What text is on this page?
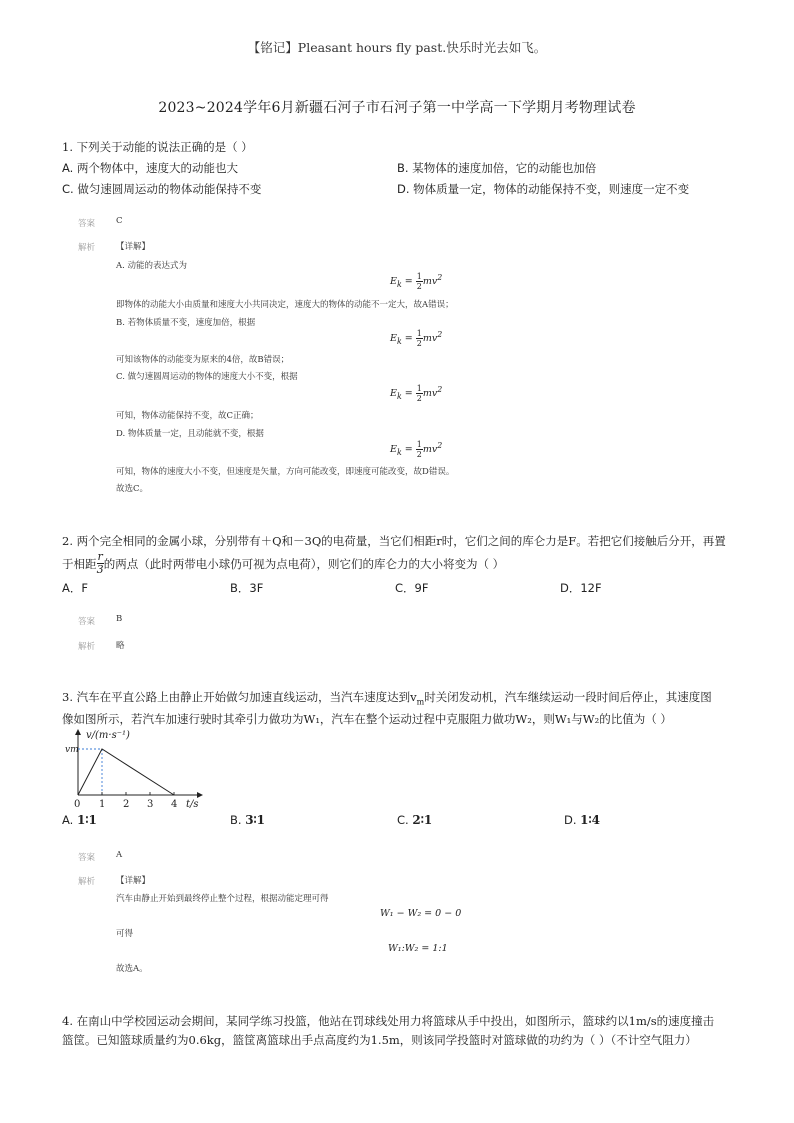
【铭记】Pleasant hours fly past.快乐时光去如飞。
2023~2024学年6月新疆石河子市石河子第一中学高一下学期月考物理试卷
1. 下列关于动能的说法正确的是（ ）
A. 两个物体中，速度大的动能也大	B. 某物体的速度加倍，它的动能也加倍
C. 做匀速圆周运动的物体动能保持不变	D. 物体质量一定，物体的动能保持不变，则速度一定不变
答案 C
解析 【详解】
A. 动能的表达式为
$E_k = \frac{1}{2} mv^2$
即物体的动能大小由质量和速度大小共同决定，速度大的物体的动能不一定大，故A错误；
B. 若物体质量不变，速度加倍，根据
$E_k = \frac{1}{2} mv^2$
可知该物体的动能变为原来的4倍，故B错误；
C. 做匀速圆周运动的物体的速度大小不变，根据
$E_k = \frac{1}{2} mv^2$
可知，物体动能保持不变，故C正确；
D. 物体质量一定，且动能就不变，根据
$E_k = \frac{1}{2} mv^2$
可知，物体的速度大小不变，但速度是矢量，方向可能改变，即速度可能改变，故D错误。
故选C。
2. 两个完全相同的金属小球，分别带有＋Q和－3Q的电荷量，当它们相距r时，它们之间的库仑力是F。若把它们接触后分开，再置
于相距 r
3 的两点（此时两带电小球仍可视为点电荷），则它们的库仑力的大小将变为（ ）
A．F	B．3F	C．9F	D．12F
答案 B
解析 略
3. 汽车在平直公路上由静止开始做匀加速直线运动，当汽车速度达到$v_m$时关闭发动机，汽车继续运动一段时间后停止，其速度图
像如图所示，若汽车加速行驶时其牵引力做功为W₁，汽车在整个运动过程中克服阻力做功W₂，则W₁与W₂的比值为（ ）
1 2 3 4
v/(m·s⁻¹)
vm
0	t/s
A. 1∶1	B. 3∶1	C. 2∶1	D. 1∶4
答案 A
解析 【详解】
汽车由静止开始到最终停止整个过程，根据动能定理可得
W₁ − W₂ = 0 − 0
可得
W₁:W₂ = 1:1
故选A。
4. 在南山中学校园运动会期间，某同学练习投篮，他站在罚球线处用力将篮球从手中投出，如图所示，篮球约以1m/s的速度撞击
篮筐。已知篮球质量约为0.6kg，篮筐离篮球出手点高度约为1.5m，则该同学投篮时对篮球做的功约为（ ）（不计空气阻力）
